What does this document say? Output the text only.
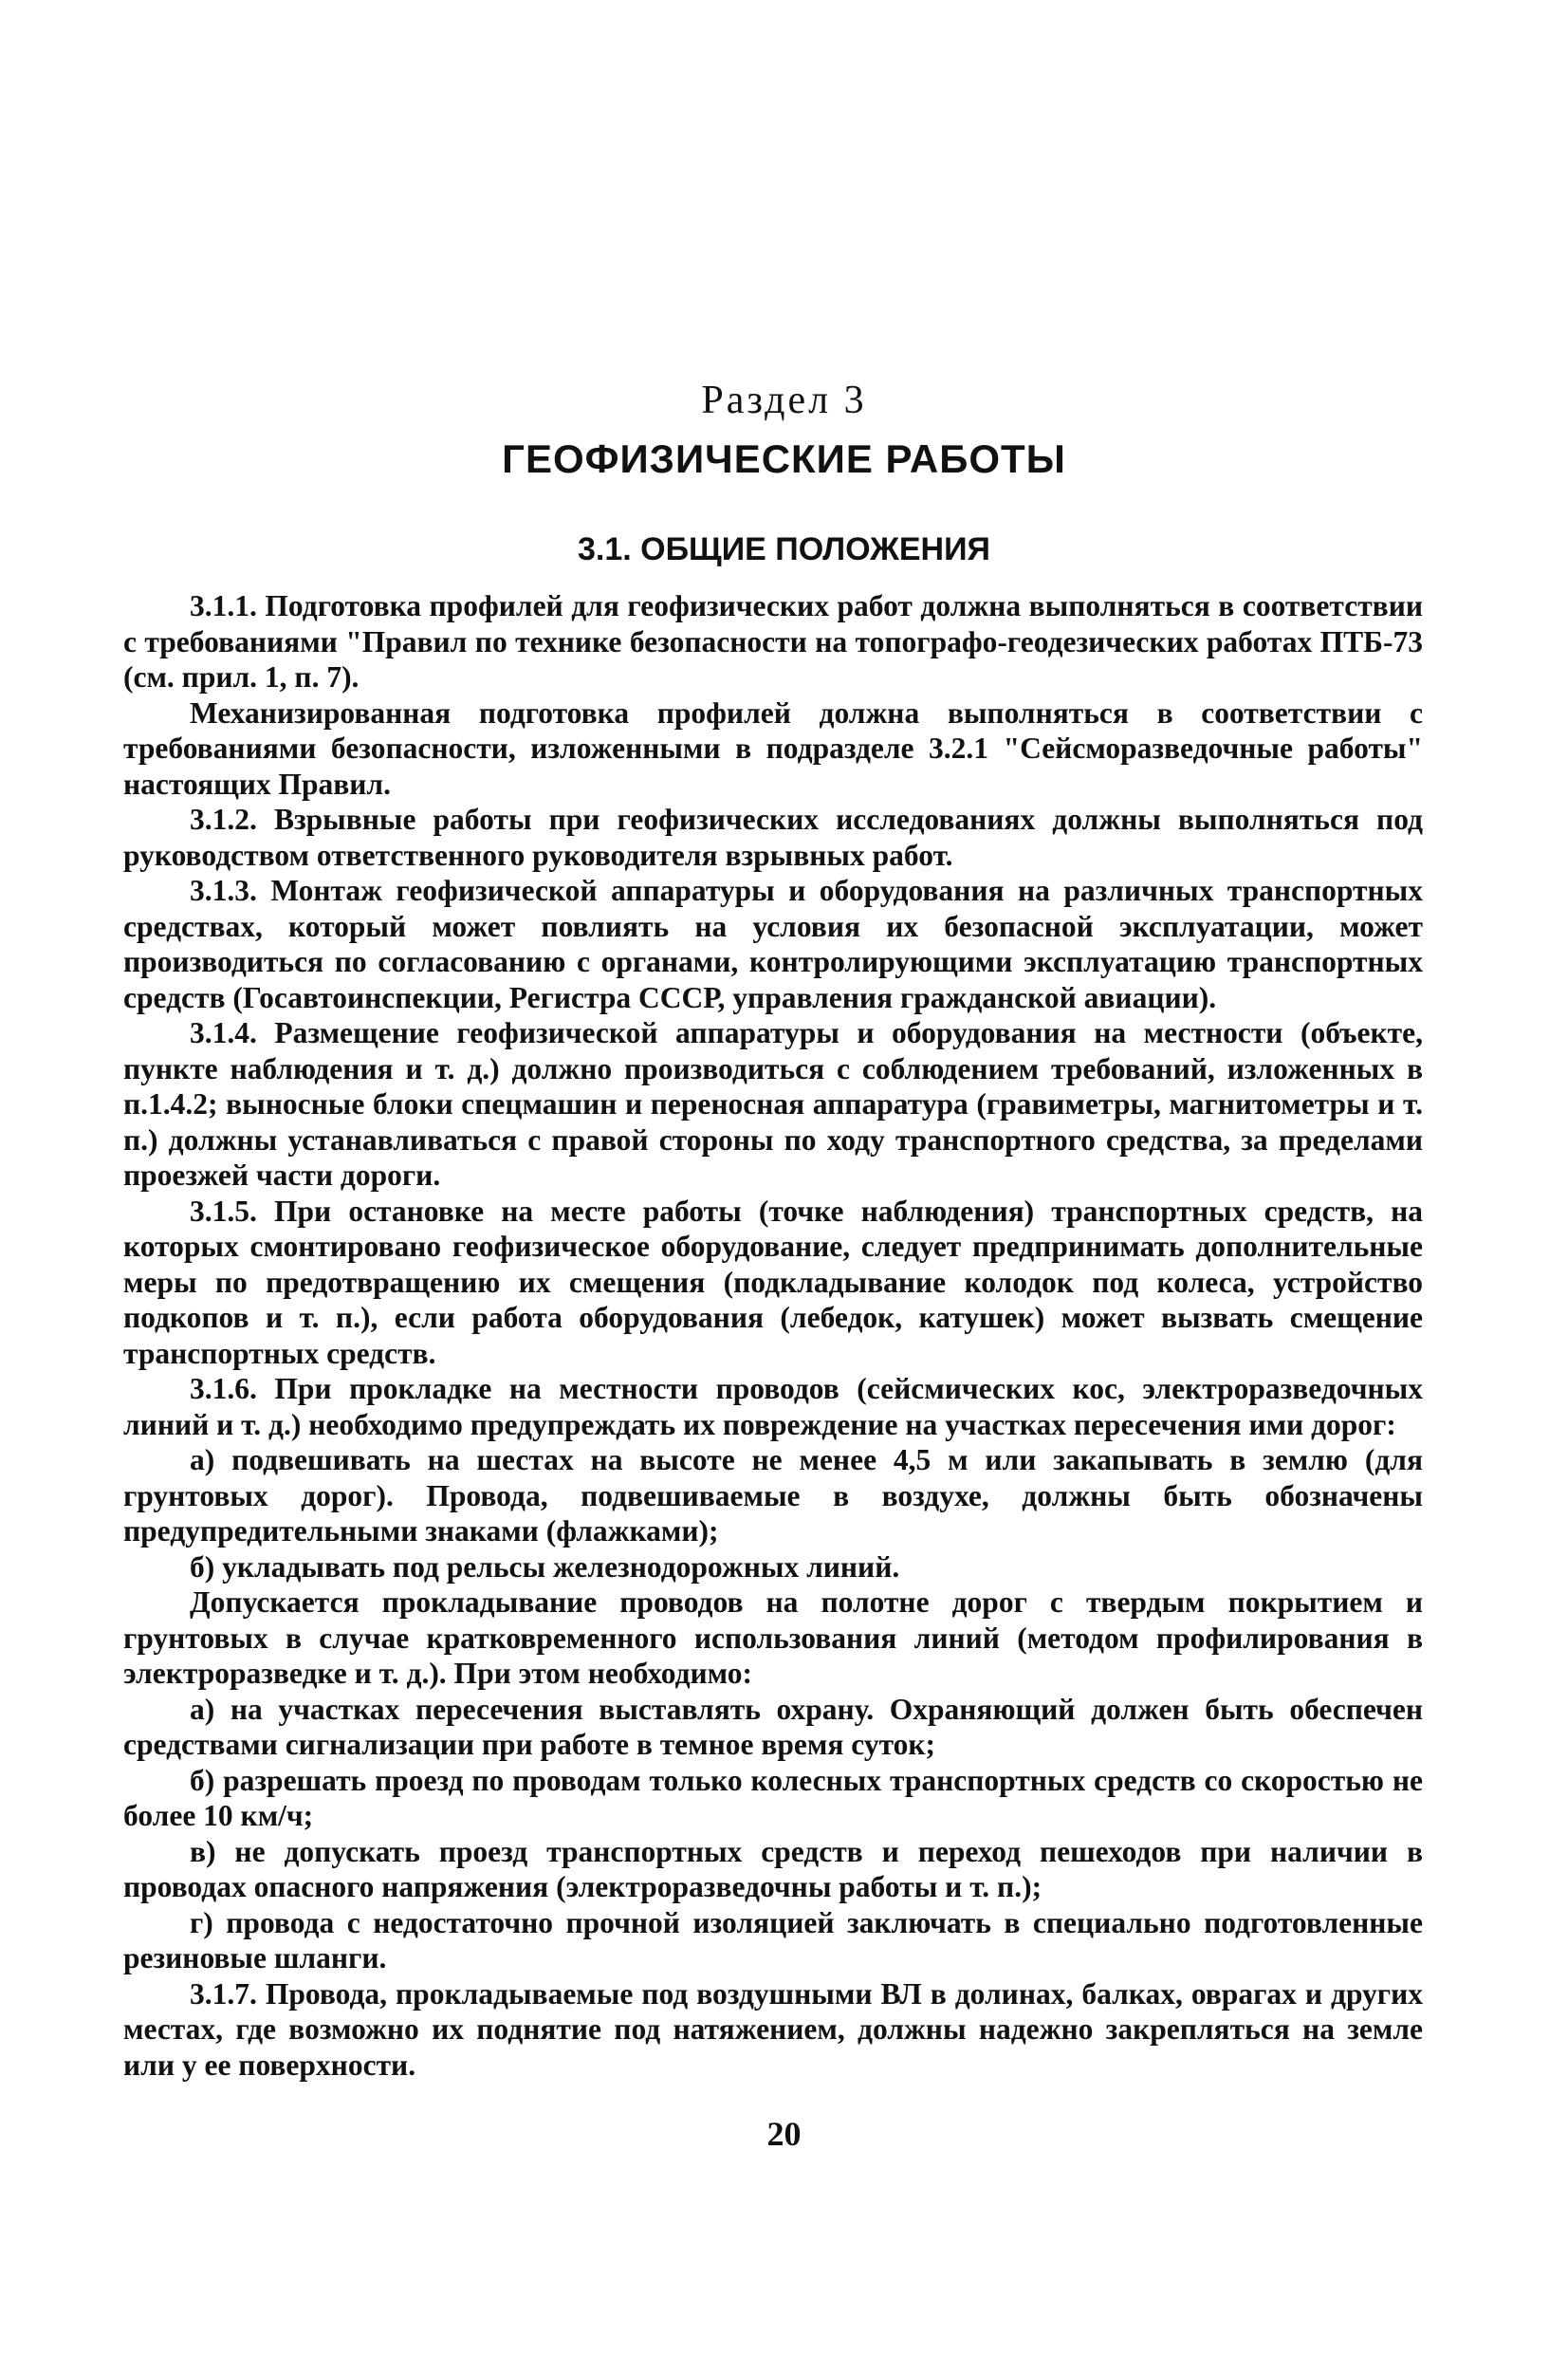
Раздел 3
ГЕОФИЗИЧЕСКИЕ РАБОТЫ
3.1. ОБЩИЕ ПОЛОЖЕНИЯ

3.1.1. Подготовка профилей для геофизических работ должна выполняться в соответствии с требованиями "Правил по технике безопасности на топографо-геодезических работах ПТБ-73 (см. прил. 1, п. 7).

Механизированная подготовка профилей должна выполняться в соответствии с требованиями безопасности, изложенными в подразделе 3.2.1 "Сейсморазведочные работы" настоящих Правил.

3.1.2. Взрывные работы при геофизических исследованиях должны выполняться под руководством ответственного руководителя взрывных работ.

3.1.3. Монтаж геофизической аппаратуры и оборудования на различных транспортных средствах, который может повлиять на условия их безопасной эксплуатации, может производиться по согласованию с органами, контролирующими эксплуатацию транспортных средств (Госавтоинспекции, Регистра СССР, управления гражданской авиации).

3.1.4. Размещение геофизической аппаратуры и оборудования на местности (объекте, пункте наблюдения и т. д.) должно производиться с соблюдением требований, изложенных в п.1.4.2; выносные блоки спецмашин и переносная аппаратура (гравиметры, магнитометры и т. п.) должны устанавливаться с правой стороны по ходу транспортного средства, за пределами проезжей части дороги.

3.1.5. При остановке на месте работы (точке наблюдения) транспортных средств, на которых смонтировано геофизическое оборудование, следует предпринимать дополнительные меры по предотвращению их смещения (подкладывание колодок под колеса, устройство подкопов и т. п.), если работа оборудования (лебедок, катушек) может вызвать смещение транспортных средств.

3.1.6. При прокладке на местности проводов (сейсмических кос, электроразведочных линий и т. д.) необходимо предупреждать их повреждение на участках пересечения ими дорог:

а) подвешивать на шестах на высоте не менее 4,5 м или закапывать в землю (для грунтовых дорог). Провода, подвешиваемые в воздухе, должны быть обозначены предупредительными знаками (флажками);

б) укладывать под рельсы железнодорожных линий.

Допускается прокладывание проводов на полотне дорог с твердым покрытием и грунтовых в случае кратковременного использования линий (методом профилирования в электроразведке и т. д.). При этом необходимо:

а) на участках пересечения выставлять охрану. Охраняющий должен быть обеспечен средствами сигнализации при работе в темное время суток;

б) разрешать проезд по проводам только колесных транспортных средств со скоростью не более 10 км/ч;

в) не допускать проезд транспортных средств и переход пешеходов при наличии в проводах опасного напряжения (электроразведочны работы и т. п.);

г) провода с недостаточно прочной изоляцией заключать в специально подготовленные резиновые шланги.

3.1.7. Провода, прокладываемые под воздушными ВЛ в долинах, балках, оврагах и других местах, где возможно их поднятие под натяжением, должны надежно закрепляться на земле или у ее поверхности.

20
